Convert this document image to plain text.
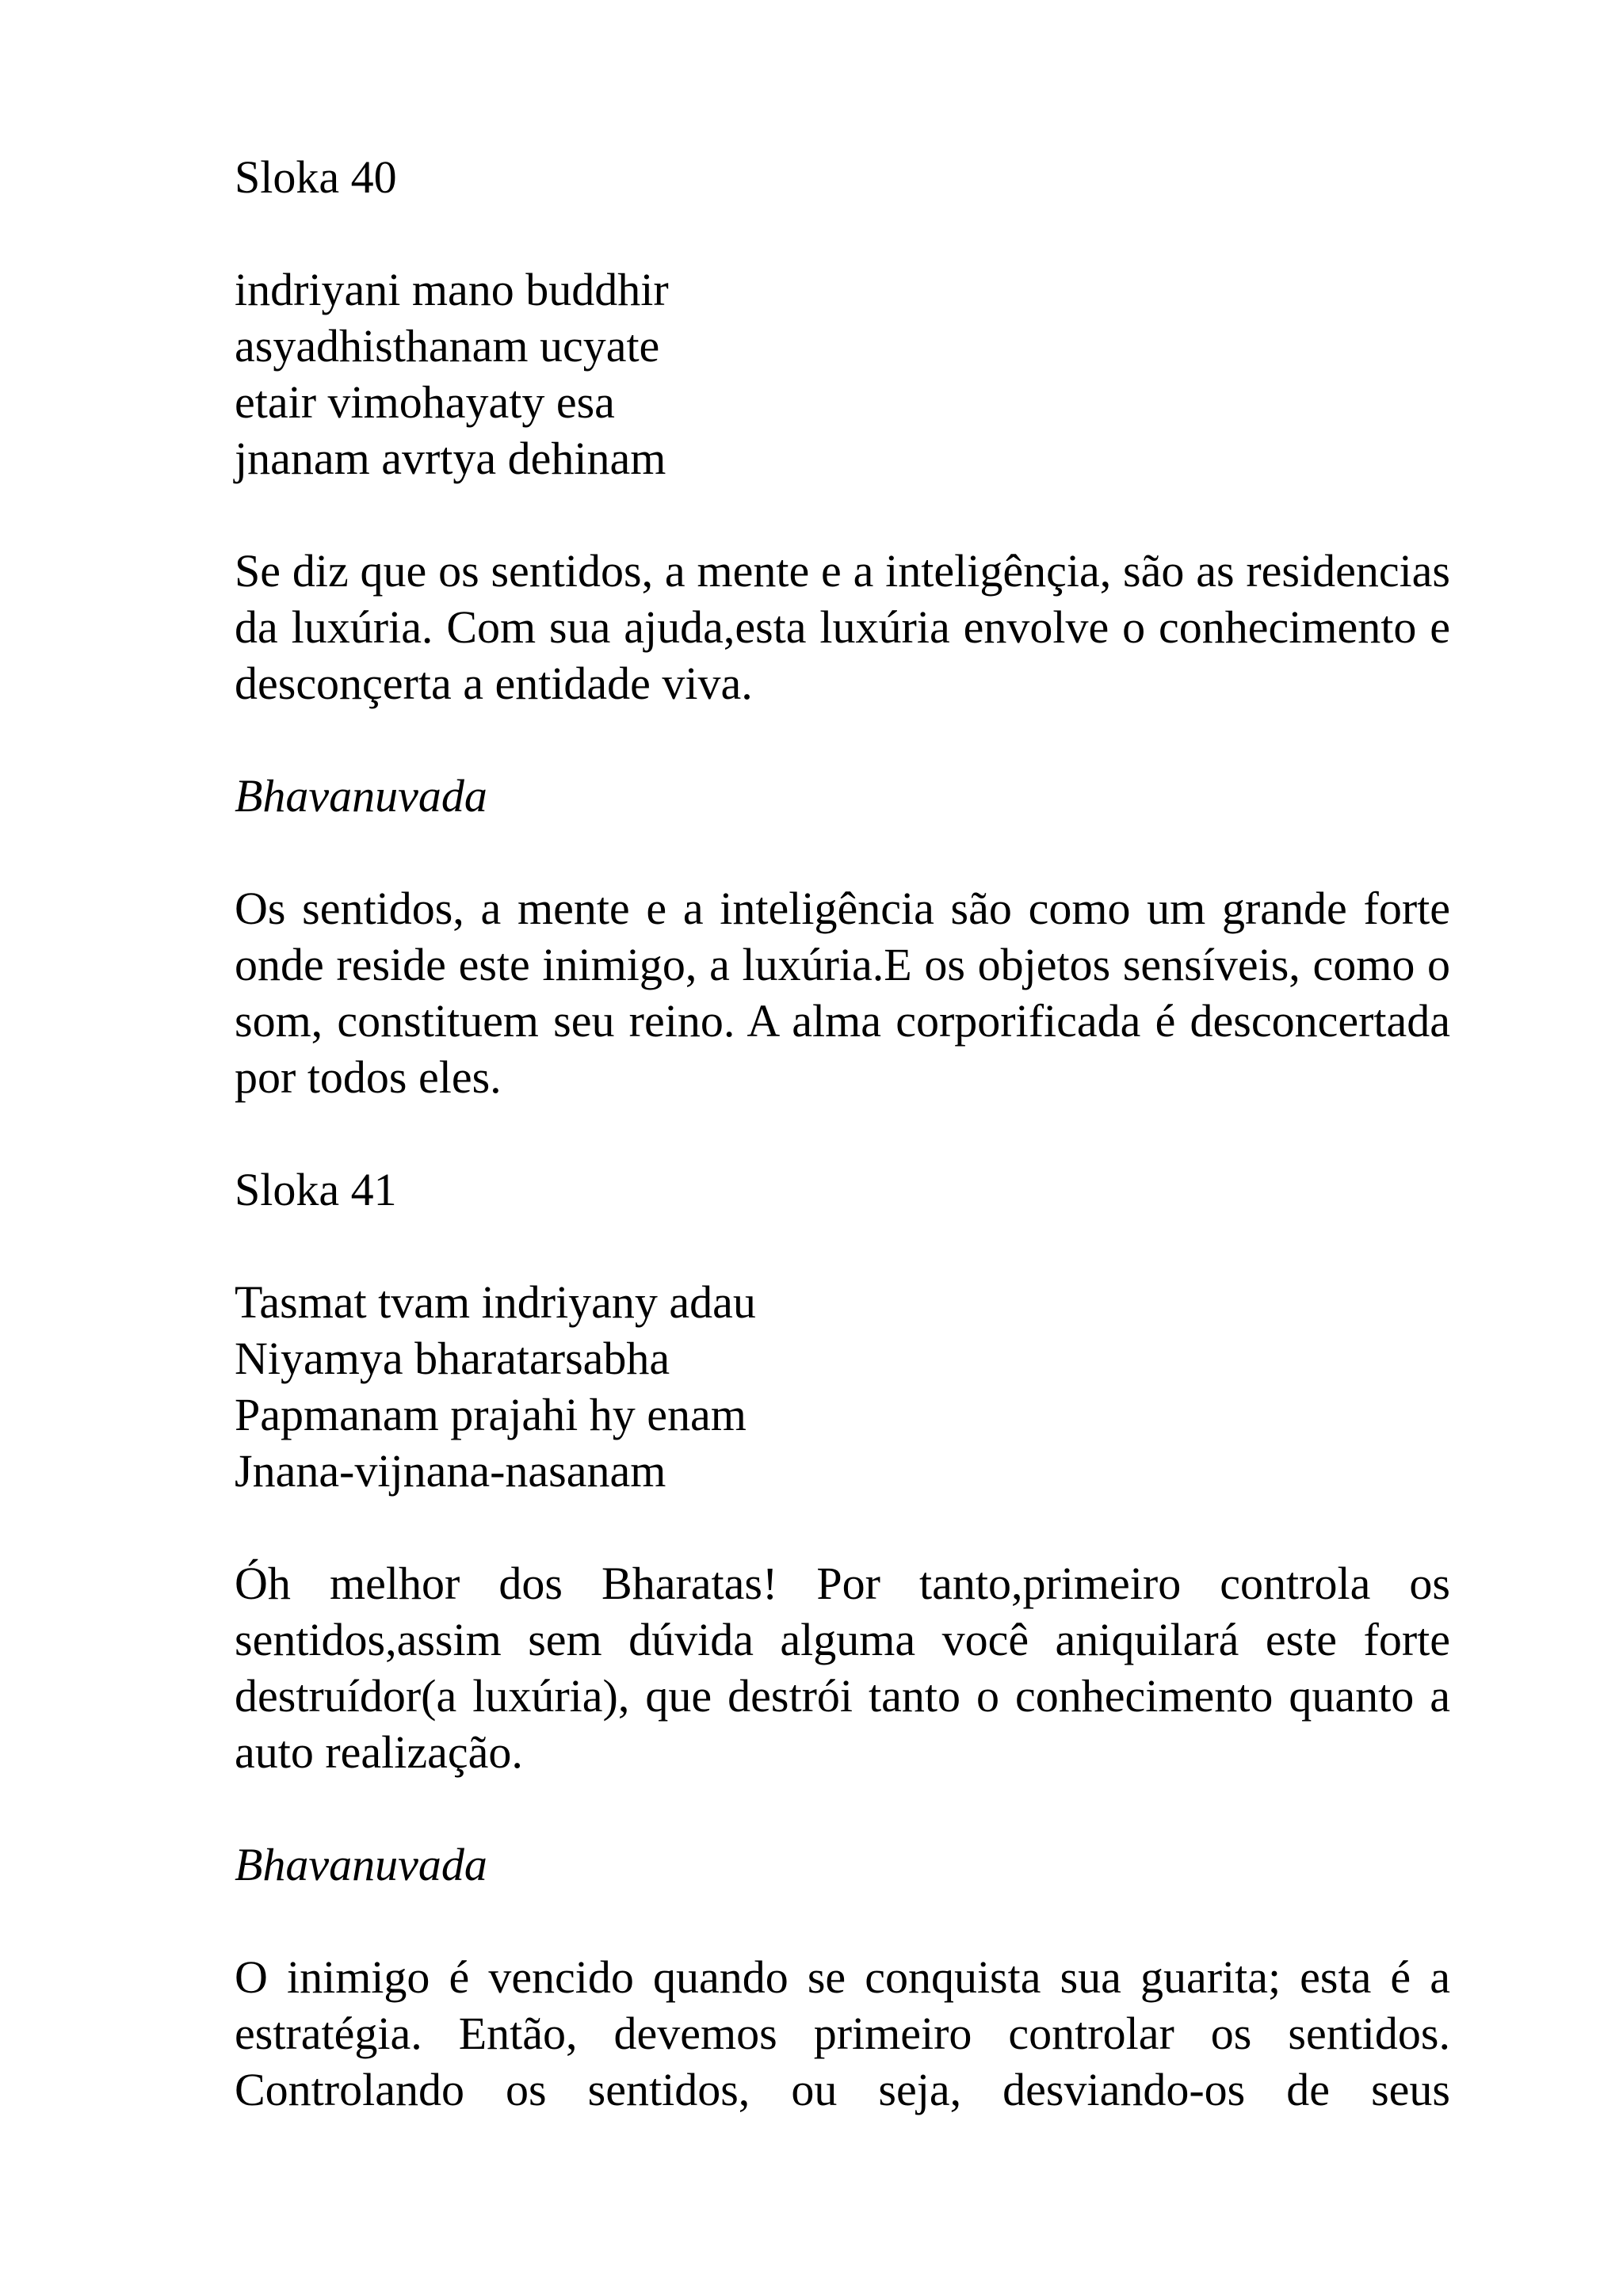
Sloka 40

indriyani mano buddhir
asyadhisthanam ucyate
etair vimohayaty esa
jnanam avrtya dehinam

Se diz que os sentidos, a mente e a inteligênçia, são as residencias da luxúria. Com sua ajuda,esta luxúria envolve o conhecimento e desconçerta a entidade viva.

Bhavanuvada

Os sentidos, a mente e a inteligência são como um grande forte onde reside este inimigo, a luxúria.E os objetos sensíveis, como o som, constituem seu reino. A alma corporificada é desconcertada por todos eles.

Sloka 41

Tasmat tvam indriyany adau
Niyamya bharatarsabha
Papmanam prajahi hy enam
Jnana-vijnana-nasanam

Óh melhor dos Bharatas! Por tanto,primeiro controla os sentidos,assim sem dúvida alguma você aniquilará este forte destruídor(a luxúria), que destrói tanto o conhecimento quanto a auto realização.

Bhavanuvada

O inimigo é vencido quando se conquista sua guarita; esta é a estratégia. Então, devemos primeiro controlar os sentidos. Controlando os sentidos, ou seja, desviando-os de seus
